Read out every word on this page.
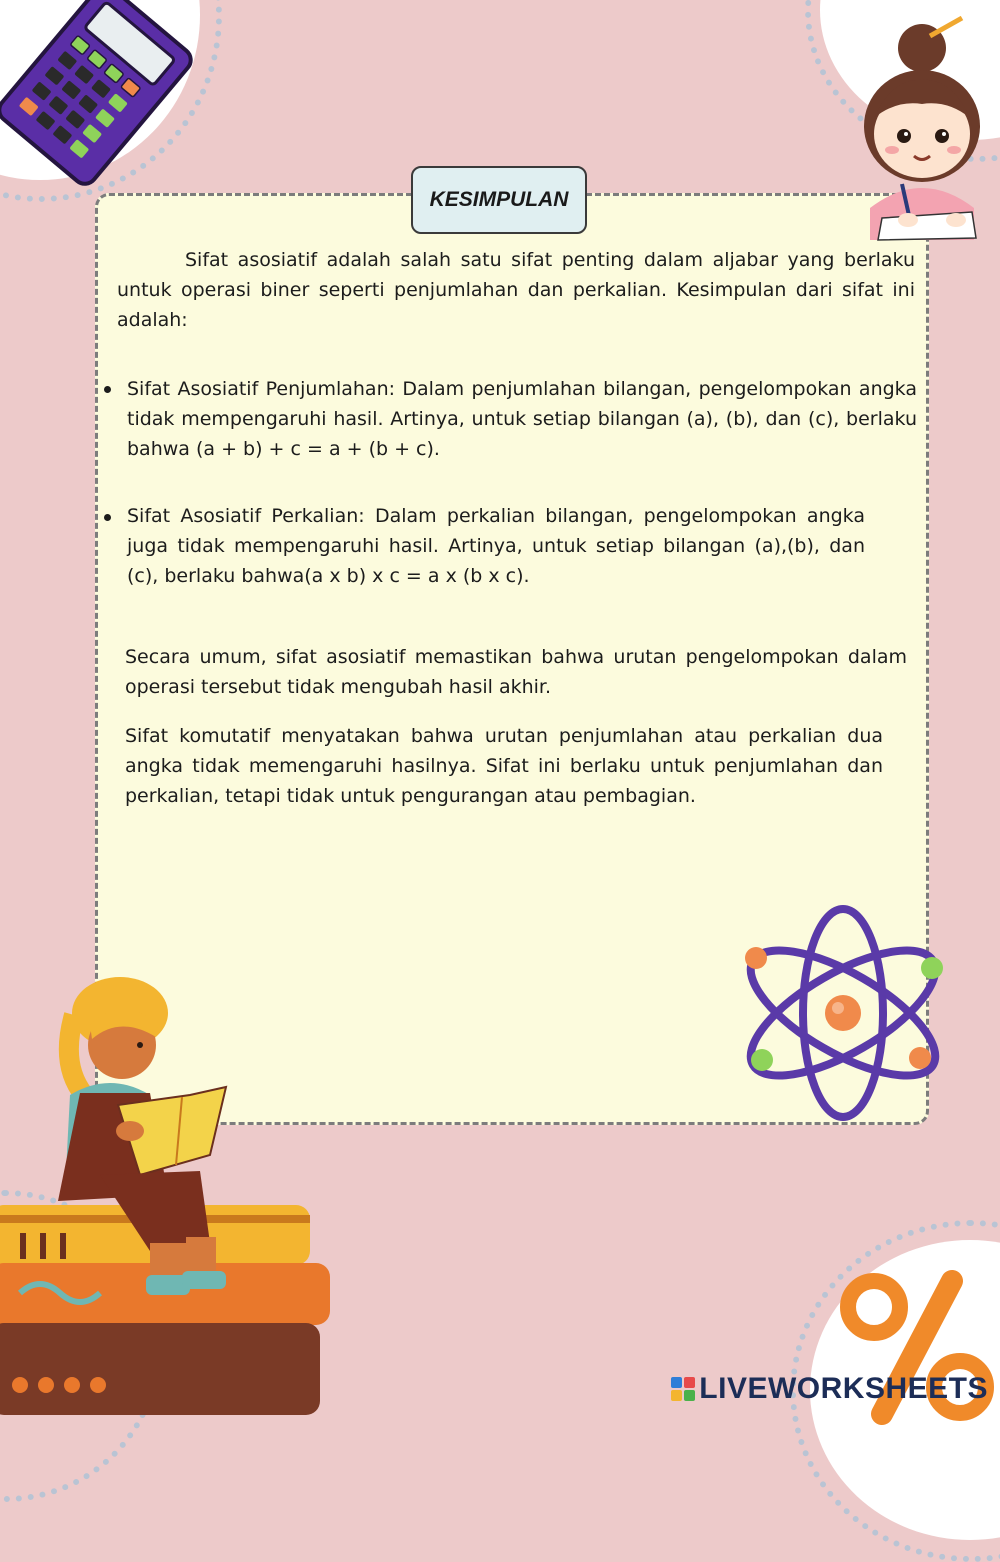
KESIMPULAN

Sifat asosiatif adalah salah satu sifat penting dalam aljabar yang berlaku untuk operasi biner seperti penjumlahan dan perkalian. Kesimpulan dari sifat ini adalah:

Sifat Asosiatif Penjumlahan: Dalam penjumlahan bilangan, pengelompokan angka tidak mempengaruhi hasil. Artinya, untuk setiap bilangan (a), (b), dan (c), berlaku bahwa (a + b) + c = a + (b + c).

Sifat Asosiatif Perkalian: Dalam perkalian bilangan, pengelompokan angka juga tidak mempengaruhi hasil. Artinya, untuk setiap bilangan (a),(b), dan (c), berlaku bahwa(a x b) x c = a x (b x c).

Secara umum, sifat asosiatif memastikan bahwa urutan pengelompokan dalam operasi tersebut tidak mengubah hasil akhir.

Sifat komutatif menyatakan bahwa urutan penjumlahan atau perkalian dua angka tidak memengaruhi hasilnya. Sifat ini berlaku untuk penjumlahan dan perkalian, tetapi tidak untuk pengurangan atau pembagian.

LIVEWORKSHEETS
